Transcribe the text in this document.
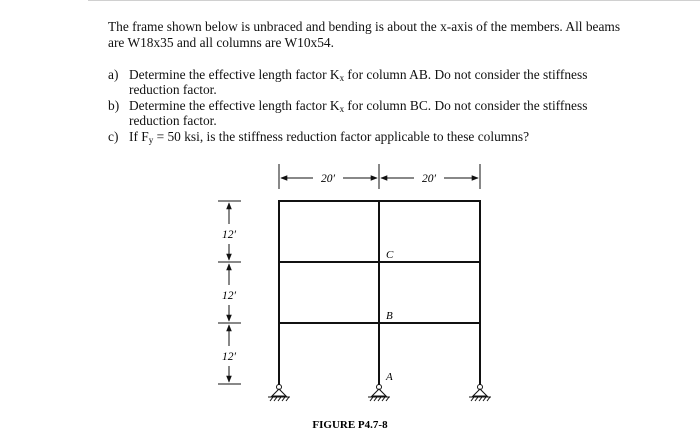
The frame shown below is unbraced and bending is about the x-axis of the members. All beams
are W18x35 and all columns are W10x54.
a) Determine the effective length factor $K_x$ for column AB. Do not consider the stiffness
reduction factor.
b) Determine the effective length factor $K_x$ for column BC. Do not consider the stiffness
reduction factor.
c) If $F_y = 50$ ksi, is the stiffness reduction factor applicable to these columns?
20′	20′
12′
12′
12′
C
B
A
FIGURE P4.7-8
